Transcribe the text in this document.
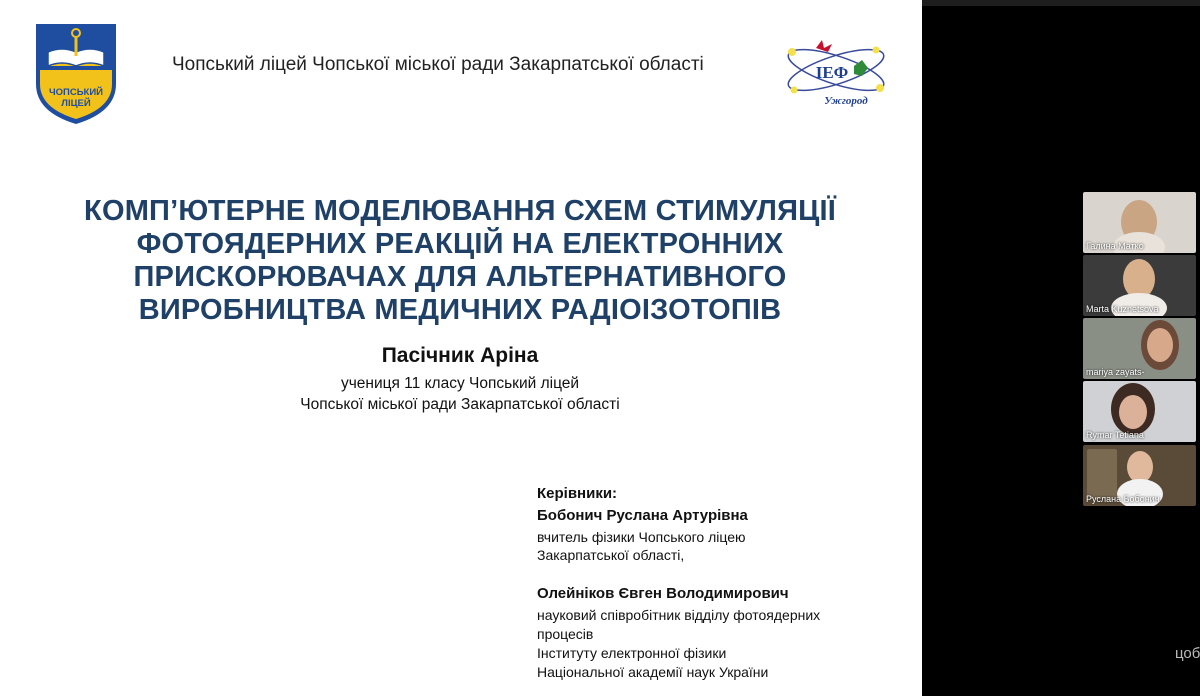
ЧОПСЬКИЙ
ЛІЦЕЙ
Чопський ліцей Чопської міської ради Закарпатської області	ІЕФ
Ужгород
КОМП’ЮТЕРНЕ МОДЕЛЮВАННЯ СХЕМ СТИМУЛЯЦІЇ
ФОТОЯДЕРНИХ РЕАКЦІЙ НА ЕЛЕКТРОННИХ
ПРИСКОРЮВАЧАХ ДЛЯ АЛЬТЕРНАТИВНОГО
ВИРОБНИЦТВА МЕДИЧНИХ РАДІОІЗОТОПІВ
Пасічник Аріна
учениця 11 класу Чопський ліцей
Чопської міської ради Закарпатської області
Керівники:
Бобонич Руслана Артурівна
вчитель фізики Чопського ліцею
Закарпатської області,
Олейніков Євген Володимирович
науковий співробітник відділу фотоядерних
процесів
Інституту електронної фізики
Національної академії наук України
Галина Матко
Marta Kuznetsova
mariya zayats-
Rymar Tetiana
Руслана Бобонич
цоб
